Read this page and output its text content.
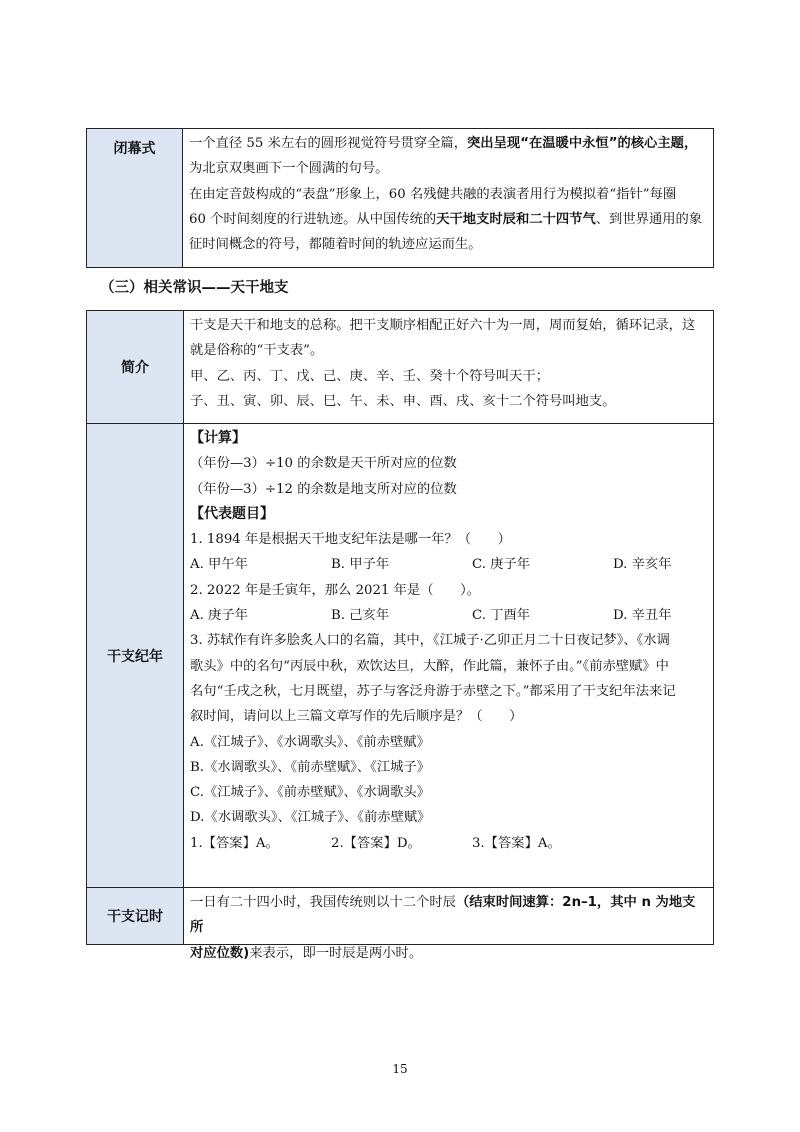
闭幕式	一个直径 55 米左右的圆形视觉符号贯穿全篇，突出呈现“在温暖中永恒”的核心主题，

为北京双奥画下一个圆满的句号。

在由定音鼓构成的“表盘”形象上，60 名残健共融的表演者用行为模拟着“指针”每圈

60 个时间刻度的行进轨迹。从中国传统的天干地支时辰和二十四节气、到世界通用的象

征时间概念的符号，都随着时间的轨迹应运而生。

（三）相关常识——天干地支
简介

干支是天干和地支的总称。把干支顺序相配正好六十为一周，周而复始，循环记录，这

就是俗称的“干支表”。

甲、乙、丙、丁、戊、己、庚、辛、壬、癸十个符号叫天干；

子、丑、寅、卯、辰、巳、午、未、申、酉、戌、亥十二个符号叫地支。

干支纪年

【计算】

（年份—3）÷10 的余数是天干所对应的位数

（年份—3）÷12 的余数是地支所对应的位数

【代表题目】

1. 1894 年是根据天干地支纪年法是哪一年？（　　）

A. 甲午年	B. 甲子年	C. 庚子年	D. 辛亥年

2. 2022 年是壬寅年，那么 2021 年是（　　）。

A. 庚子年	B. 己亥年	C. 丁酉年	D. 辛丑年

3. 苏轼作有许多脍炙人口的名篇，其中，《江城子·乙卯正月二十日夜记梦》、《水调

歌头》中的名句“丙辰中秋，欢饮达旦，大醉，作此篇，兼怀子由。”《前赤壁赋》中

名句“壬戌之秋，七月既望，苏子与客泛舟游于赤壁之下。”都采用了干支纪年法来记

叙时间，请问以上三篇文章写作的先后顺序是？（　　）

A.《江城子》、《水调歌头》、《前赤壁赋》

B.《水调歌头》、《前赤壁赋》、《江城子》

C.《江城子》、《前赤壁赋》、《水调歌头》

D.《水调歌头》、《江城子》、《前赤壁赋》

1.【答案】A。	2.【答案】D。	3.【答案】A。
干支记时

一日有二十四小时，我国传统则以十二个时辰（结束时间速算：2n–1，其中 n 为地支所

对应位数)来表示，即一时辰是两小时。

15
